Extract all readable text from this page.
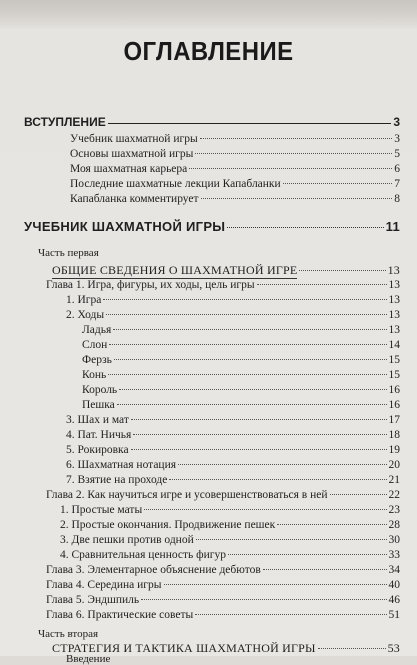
ОГЛАВЛЕНИЕ
ВСТУПЛЕНИЕ	3
Учебник шахматной игры	3
Основы шахматной игры	5
Моя шахматная карьера	6
Последние шахматные лекции Капабланки	7
Капабланка комментирует	8
УЧЕБНИК ШАХМАТНОЙ ИГРЫ	11
Часть первая
ОБЩИЕ СВЕДЕНИЯ О ШАХМАТНОЙ ИГРЕ	13
Глава 1. Игра, фигуры, их ходы, цель игры	13
1. Игра	13
2. Ходы	13
Ладья	13
Слон	14
Ферзь	15
Конь	15
Король	16
Пешка	16
3. Шах и мат	17
4. Пат. Ничья	18
5. Рокировка	19
6. Шахматная нотация	20
7. Взятие на проходе	21
Глава 2. Как научиться игре и усовершенствоваться в ней	22
1. Простые маты	23
2. Простые окончания. Продвижение пешек	28
3. Две пешки против одной	30
4. Сравнительная ценность фигур	33
Глава 3. Элементарное объяснение дебютов	34
Глава 4. Середина игры	40
Глава 5. Эндшпиль	46
Глава 6. Практические советы	51
Часть вторая
СТРАТЕГИЯ И ТАКТИКА ШАХМАТНОЙ ИГРЫ	53
Введение
